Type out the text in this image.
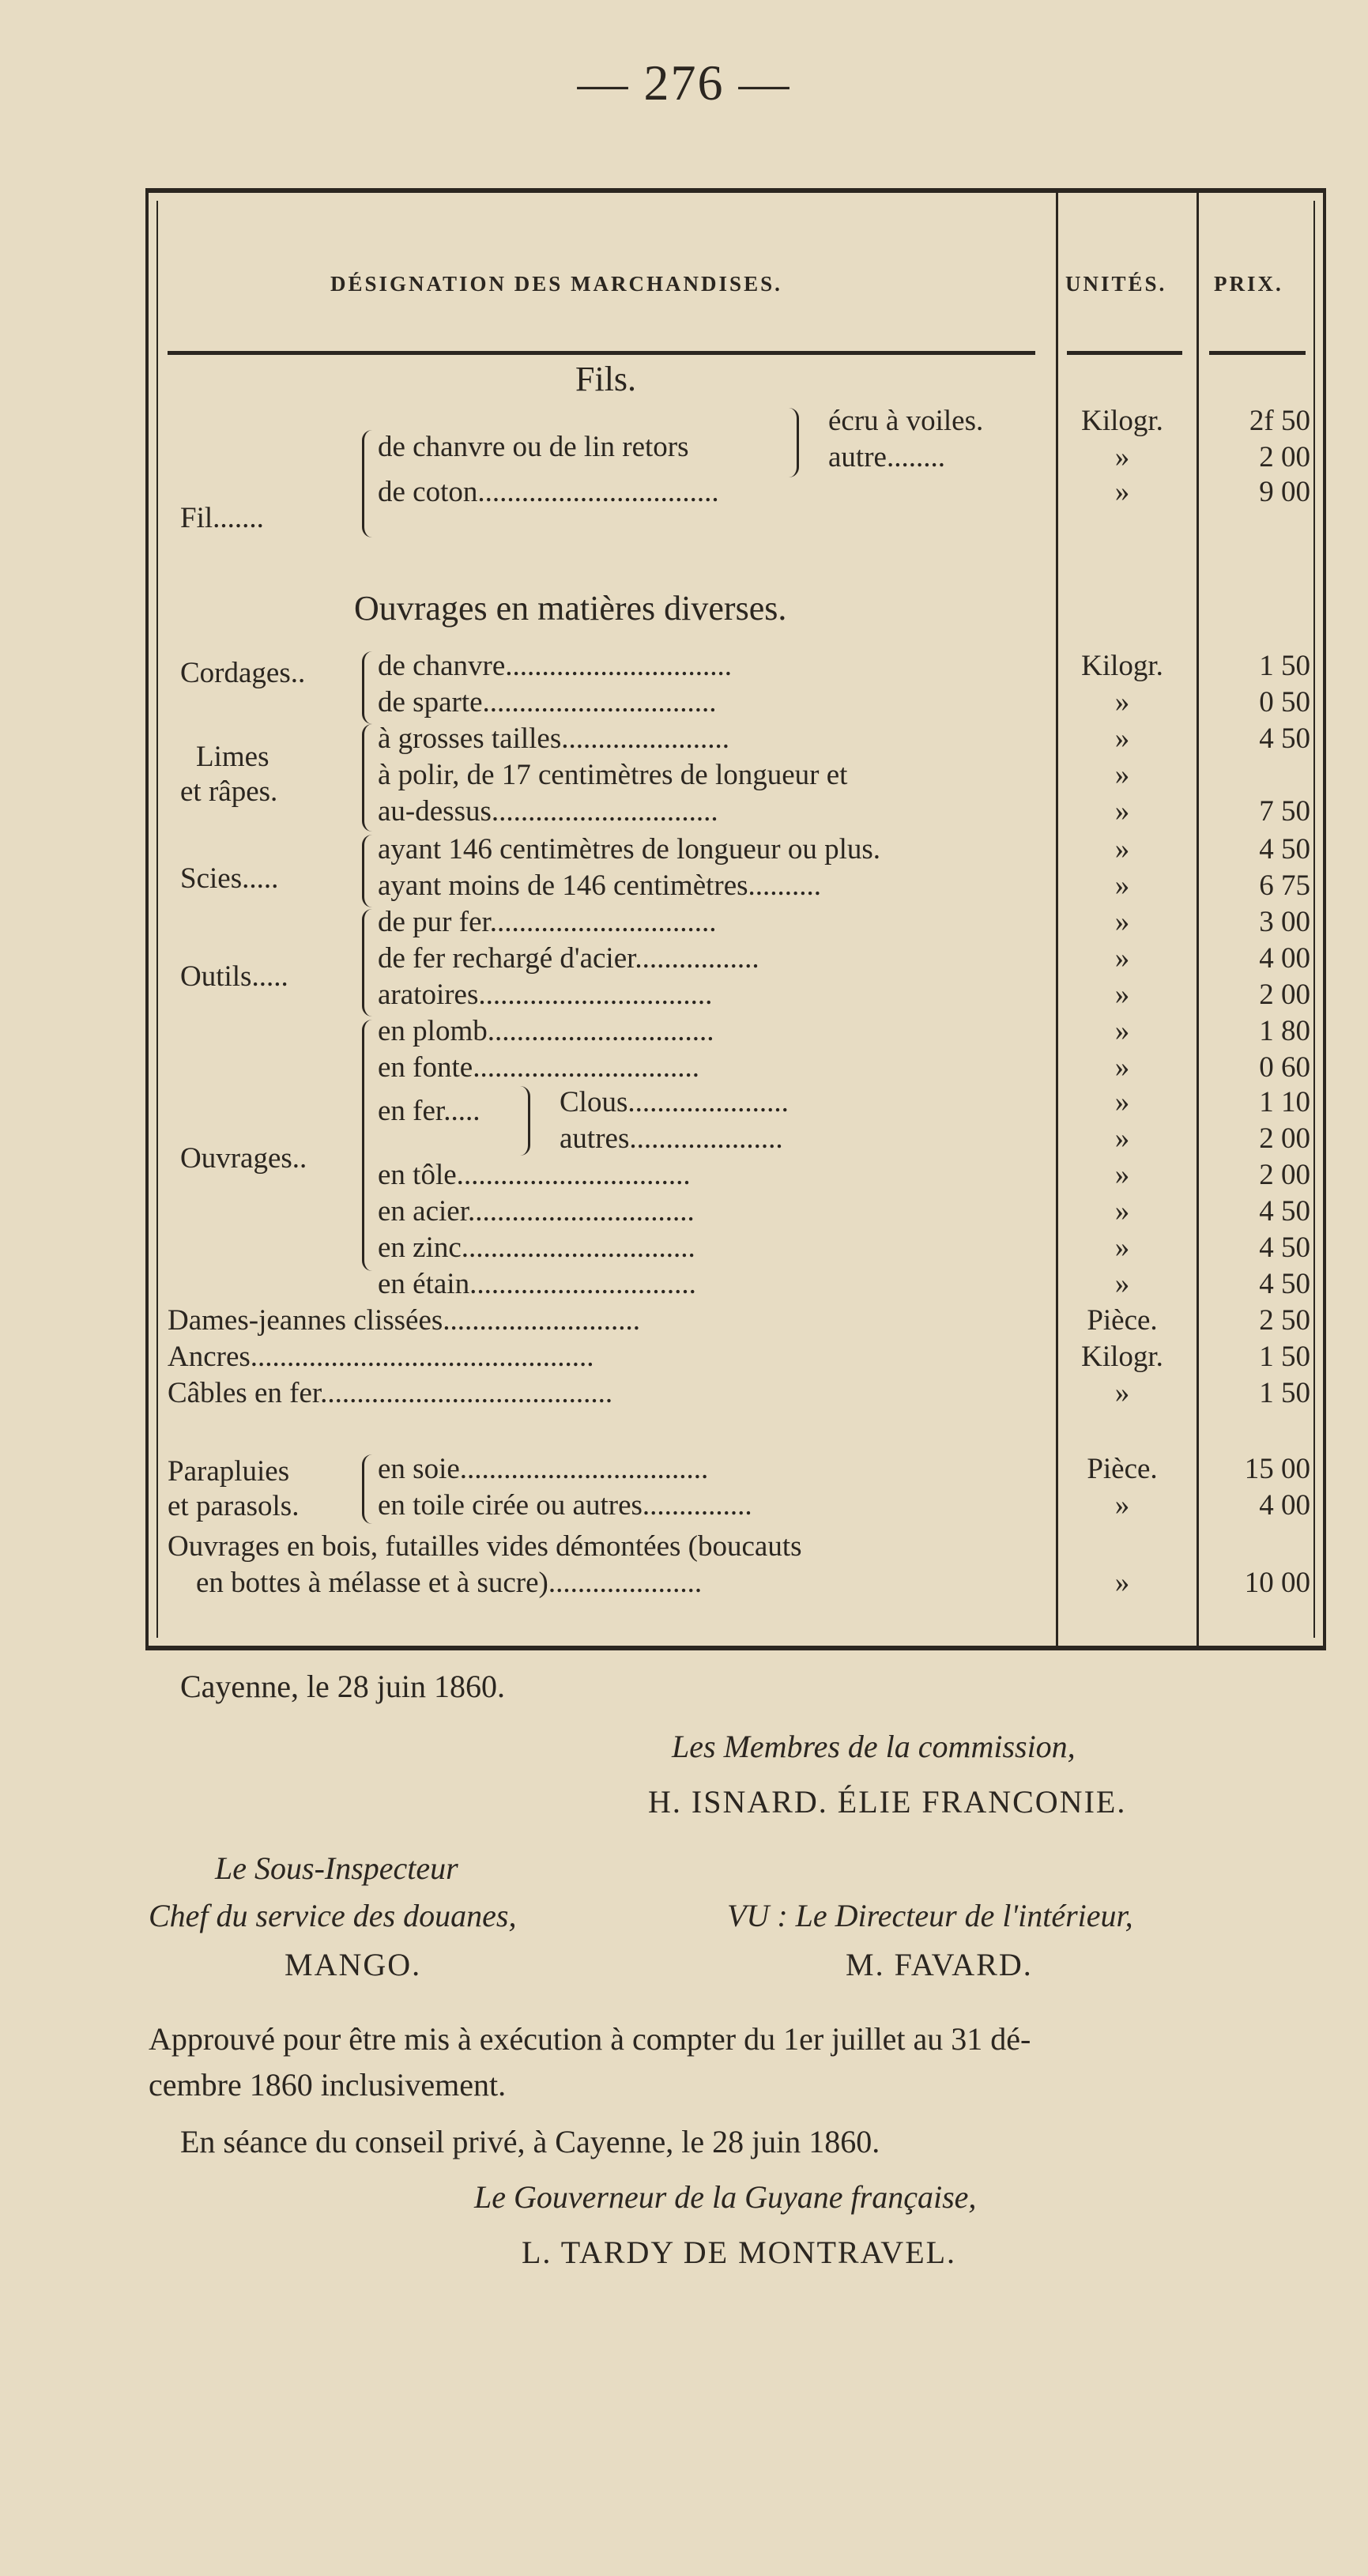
— 276 —
DÉSIGNATION DES MARCHANDISES.	UNITÉS. PRIX.
Fils.
Fil.......
de chanvre ou de lin retors
Ouvrages en matières diverses.
Cordages..
Limes
et râpes.
Scies.....
Outils.....
Ouvrages..
en fer.....
Parapluies
et parasols.
écru à voiles.
autre........
de coton.................................
de chanvre...............................
de sparte................................
à grosses tailles.......................
à polir, de 17 centimètres de longueur et
au-dessus...............................
ayant 146 centimètres de longueur ou plus.
ayant moins de 146 centimètres..........
de pur fer...............................
de fer rechargé d'acier.................
aratoires................................
en plomb...............................
en fonte...............................
Clous......................
autres.....................
en tôle................................
en acier...............................
en zinc................................
en étain...............................
Dames-jeannes clissées...........................
Ancres...............................................
Câbles en fer........................................
en soie..................................
en toile cirée ou autres...............
Ouvrages en bois, futailles vides démontées (boucauts
en bottes à mélasse et à sucre).....................
Kilogr.
»
»
Kilogr.
»
»
»
»
»
»
»
»
»
»
»
»
»
»
»
»
»
Pièce.
Kilogr.
»
Pièce.
»
»
2f 50
2 00
9 00
1 50
0 50
4 50
7 50
4 50
6 75
3 00
4 00
2 00
1 80
0 60
1 10
2 00
2 00
4 50
4 50
4 50
2 50
1 50
1 50
15 00
4 00
10 00
Cayenne, le 28 juin 1860.
Les Membres de la commission,
H. ISNARD. ÉLIE FRANCONIE.
Le Sous-Inspecteur
Chef du service des douanes,
MANGO.
VU : Le Directeur de l'intérieur,
M. FAVARD.
Approuvé pour être mis à exécution à compter du 1er juillet au 31 dé-
cembre 1860 inclusivement.
En séance du conseil privé, à Cayenne, le 28 juin 1860.
Le Gouverneur de la Guyane française,
L. TARDY DE MONTRAVEL.
